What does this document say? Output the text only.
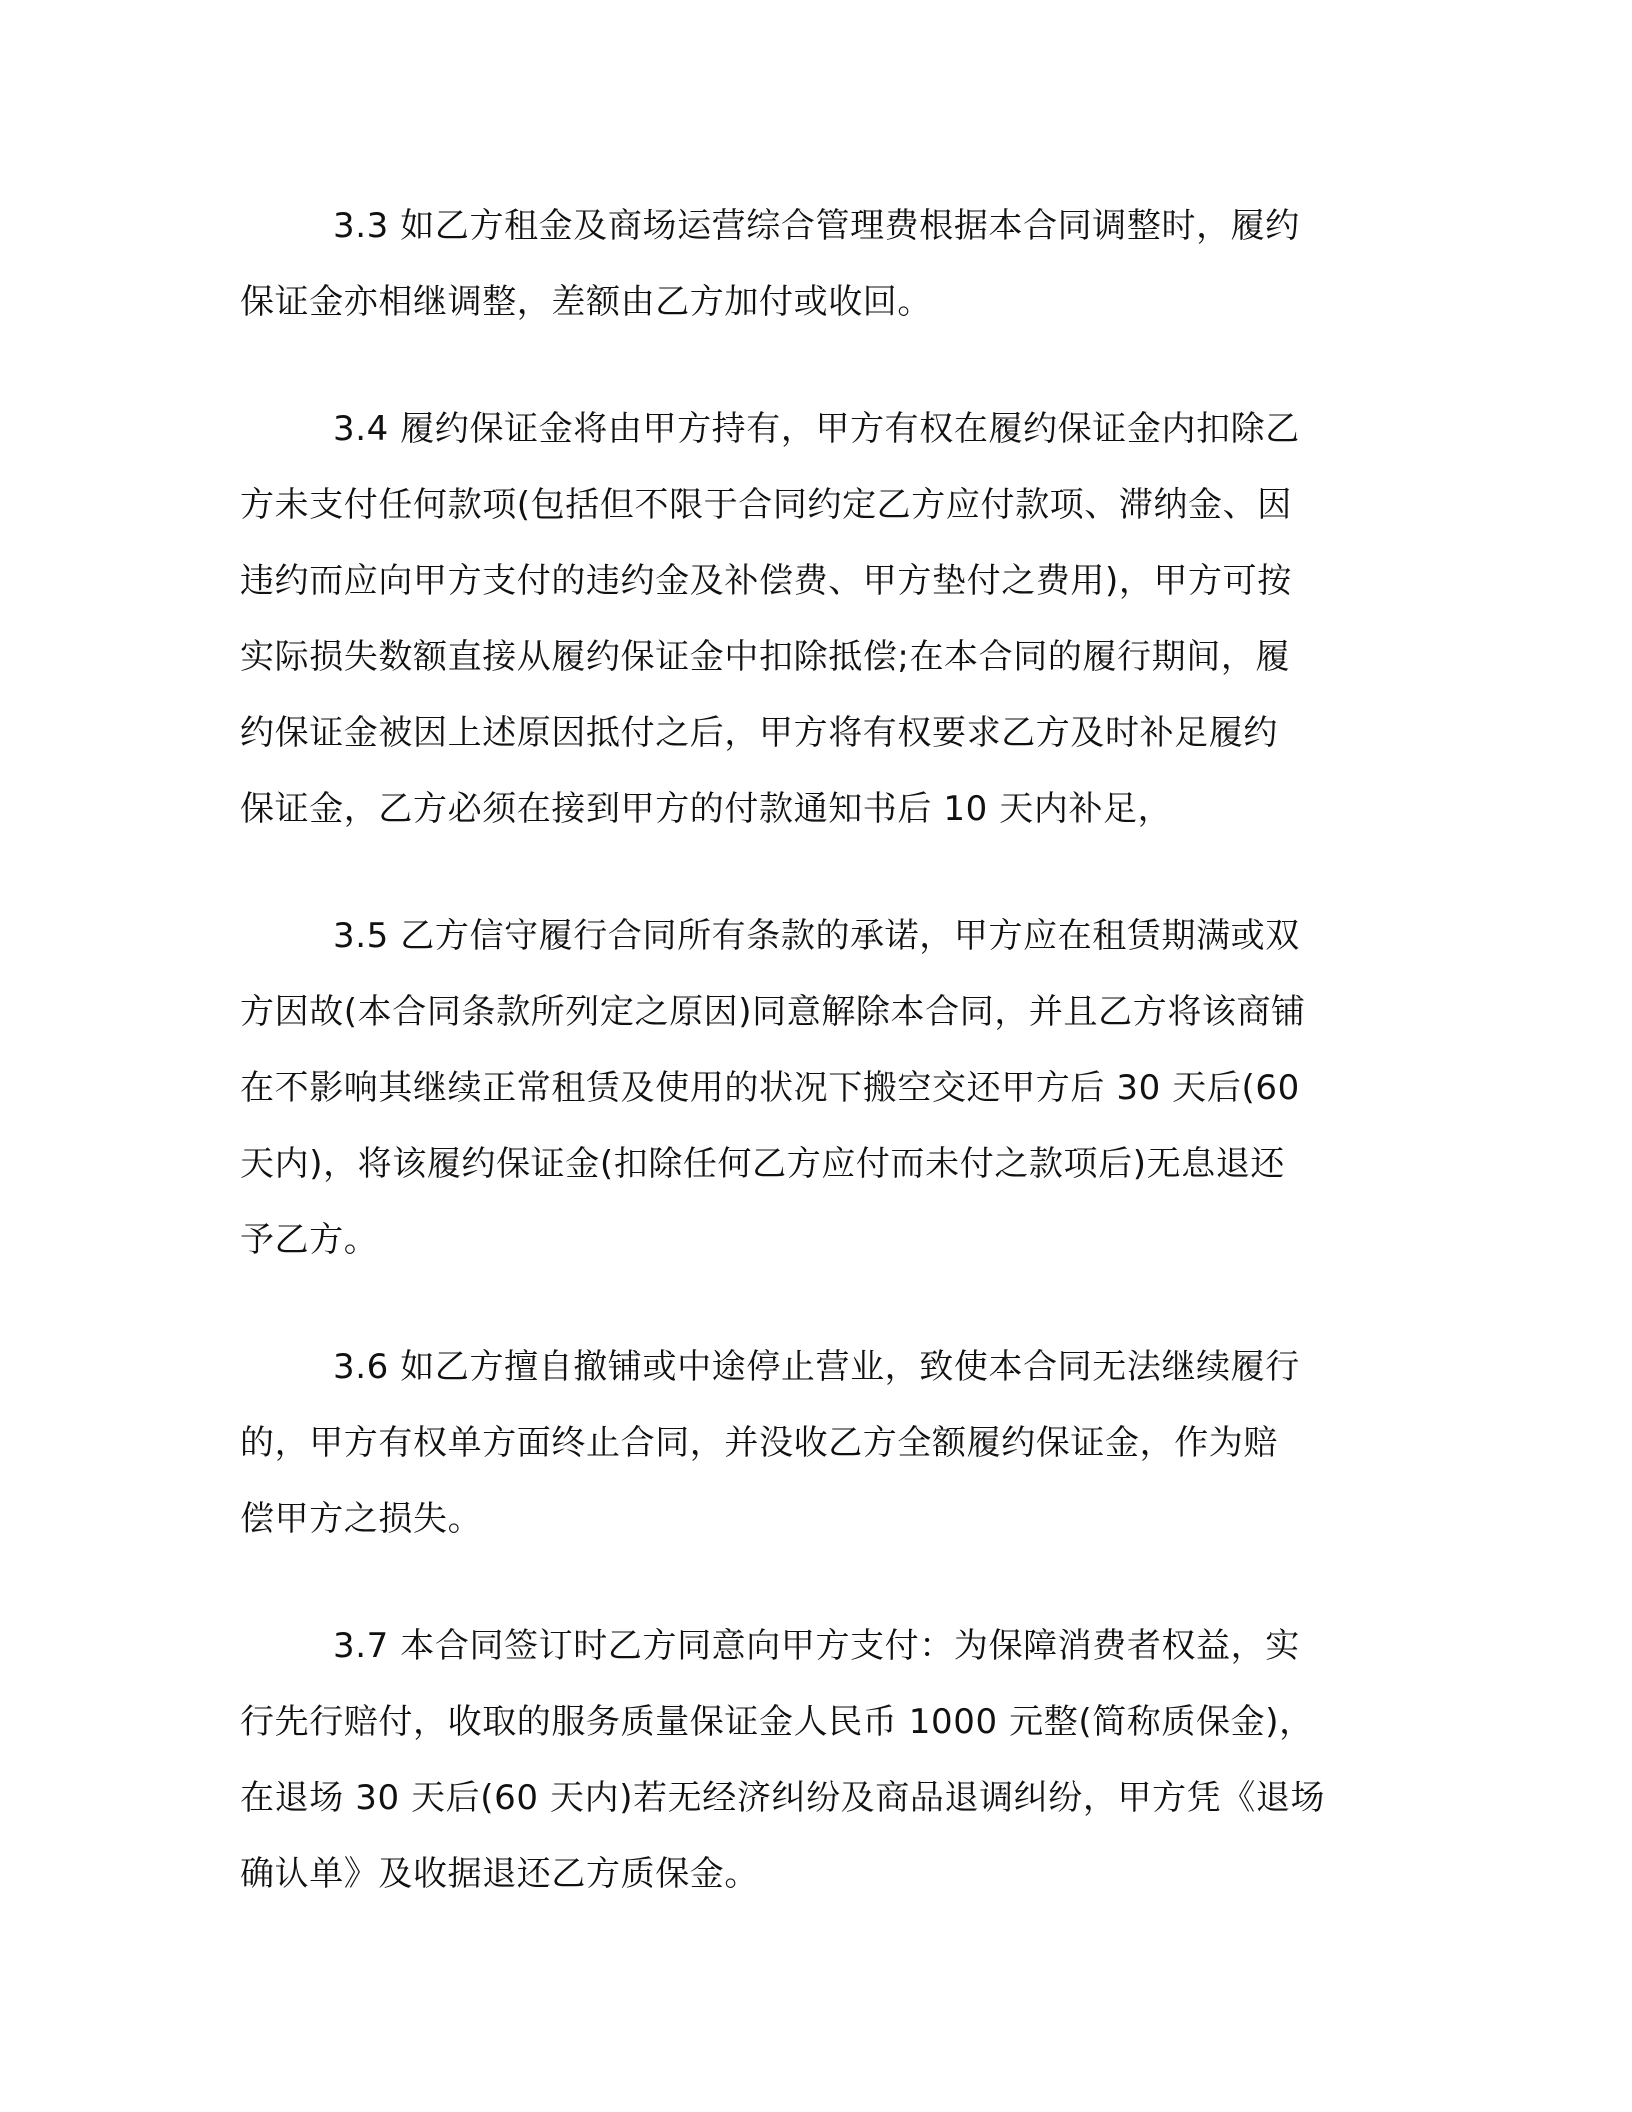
3.3 如乙方租金及商场运营综合管理费根据本合同调整时，履约
保证金亦相继调整，差额由乙方加付或收回。
3.4 履约保证金将由甲方持有，甲方有权在履约保证金内扣除乙
方未支付任何款项(包括但不限于合同约定乙方应付款项、滞纳金、因
违约而应向甲方支付的违约金及补偿费、甲方垫付之费用)，甲方可按
实际损失数额直接从履约保证金中扣除抵偿;在本合同的履行期间，履
约保证金被因上述原因抵付之后，甲方将有权要求乙方及时补足履约
保证金，乙方必须在接到甲方的付款通知书后 10 天内补足，
3.5 乙方信守履行合同所有条款的承诺，甲方应在租赁期满或双
方因故(本合同条款所列定之原因)同意解除本合同，并且乙方将该商铺
在不影响其继续正常租赁及使用的状况下搬空交还甲方后 30 天后(60
天内)，将该履约保证金(扣除任何乙方应付而未付之款项后)无息退还
予乙方。
3.6 如乙方擅自撤铺或中途停止营业，致使本合同无法继续履行
的，甲方有权单方面终止合同，并没收乙方全额履约保证金，作为赔
偿甲方之损失。
3.7 本合同签订时乙方同意向甲方支付：为保障消费者权益，实
行先行赔付，收取的服务质量保证金人民币 1000 元整(简称质保金)，
在退场 30 天后(60 天内)若无经济纠纷及商品退调纠纷，甲方凭《退场
确认单》及收据退还乙方质保金。
